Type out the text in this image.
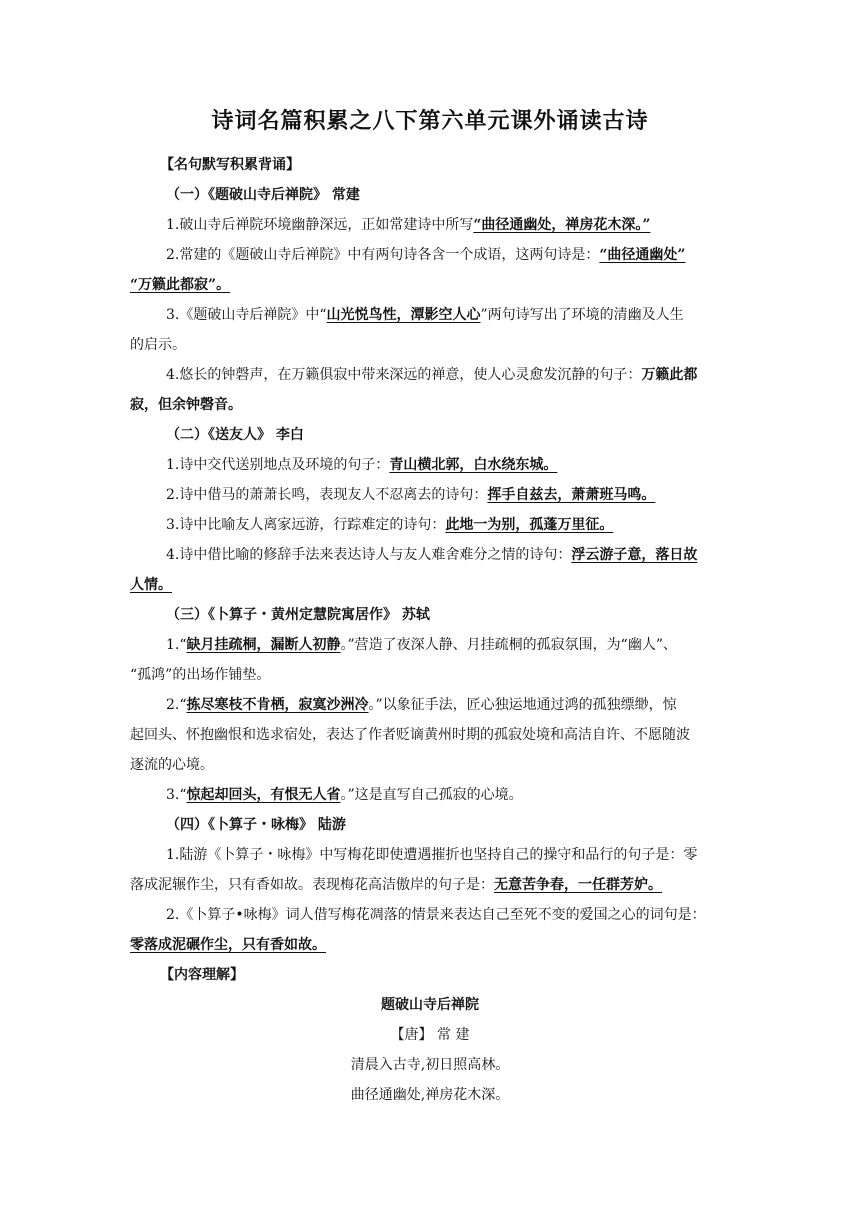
诗词名篇积累之八下第六单元课外诵读古诗

【名句默写积累背诵】

（一）《题破山寺后禅院》 常建

1.破山寺后禅院环境幽静深远，正如常建诗中所写“曲径通幽处，禅房花木深。”

2.常建的《题破山寺后禅院》中有两句诗各含一个成语，这两句诗是：“曲径通幽处”

“万籁此都寂”。

3.《题破山寺后禅院》中“山光悦鸟性，潭影空人心”两句诗写出了环境的清幽及人生

的启示。

4.悠长的钟磬声，在万籁俱寂中带来深远的禅意，使人心灵愈发沉静的句子：万籁此都

寂，但余钟磬音。

（二）《送友人》 李白

1.诗中交代送别地点及环境的句子：青山横北郭，白水绕东城。

2.诗中借马的萧萧长鸣，表现友人不忍离去的诗句：挥手自兹去，萧萧班马鸣。

3.诗中比喻友人离家远游，行踪难定的诗句：此地一为别，孤蓬万里征。

4.诗中借比喻的修辞手法来表达诗人与友人难舍难分之情的诗句：浮云游子意，落日故

人情。

（三）《卜算子・黄州定慧院寓居作》 苏轼

1.“缺月挂疏桐，漏断人初静。”营造了夜深人静、月挂疏桐的孤寂氛围，为“幽人”、

“孤鸿”的出场作铺垫。

2.“拣尽寒枝不肯栖，寂寞沙洲冷。”以象征手法，匠心独运地通过鸿的孤独缥缈，惊

起回头、怀抱幽恨和选求宿处，表达了作者贬谪黄州时期的孤寂处境和高洁自许、不愿随波

逐流的心境。

3.“惊起却回头，有恨无人省。”这是直写自己孤寂的心境。

（四）《卜算子・咏梅》 陆游

1.陆游《卜算子・咏梅》中写梅花即使遭遇摧折也坚持自己的操守和品行的句子是：零

落成泥辗作尘，只有香如故。表现梅花高洁傲岸的句子是：无意苦争春，一任群芳妒。

2.《卜算子•咏梅》词人借写梅花凋落的情景来表达自己至死不变的爱国之心的词句是：

零落成泥碾作尘，只有香如故。

【内容理解】

题破山寺后禅院

【唐】 常 建

清晨入古寺,初日照高林。

曲径通幽处,禅房花木深。
